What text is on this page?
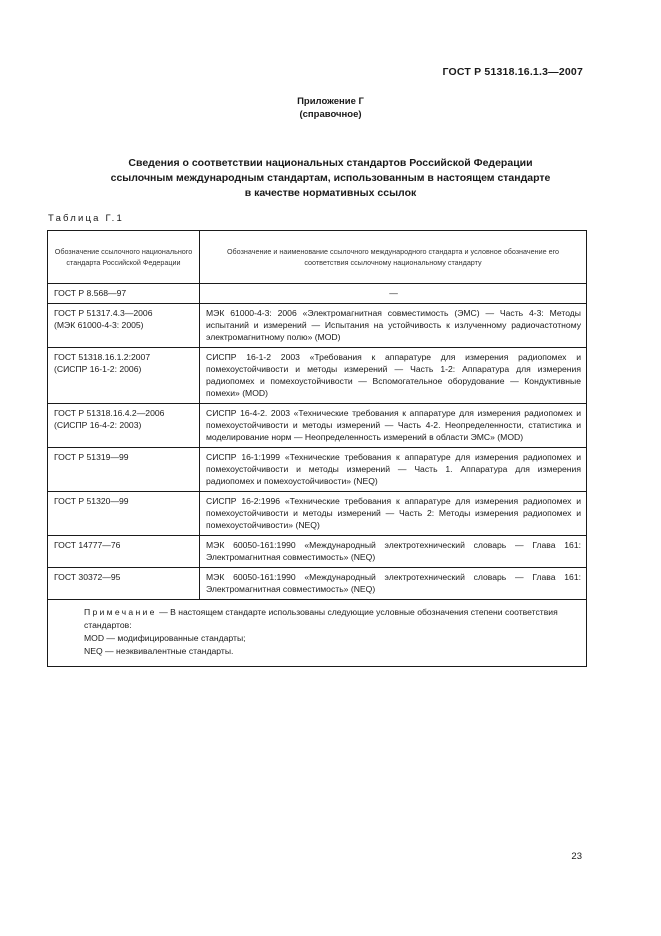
ГОСТ Р 51318.16.1.3—2007
Приложение Г
(справочное)
Сведения о соответствии национальных стандартов Российской Федерации
ссылочным международным стандартам, использованным в настоящем стандарте
в качестве нормативных ссылок
Таблица Г.1
Обозначение ссылочного национального стандарта Российской Федерации	Обозначение и наименование ссылочного международного стандарта и условное обозначение его соответствия ссылочному национальному стандарту

ГОСТ Р 8.568—97	—

ГОСТ Р 51317.4.3—2006
(МЭК 61000-4-3: 2005)	МЭК 61000-4-3: 2006 «Электромагнитная совместимость (ЭМС) — Часть 4-3: Методы испытаний и измерений — Испытания на устойчивость к излученному радиочастотному электромагнитному полю» (MOD)

ГОСТ 51318.16.1.2:2007
(СИСПР 16-1-2: 2006)	СИСПР 16-1-2 2003 «Требования к аппаратуре для измерения радиопомех и помехоустойчивости и методы измерений — Часть 1-2: Аппаратура для измерения радиопомех и помехоустойчивости — Вспомогательное оборудование — Кондуктивные помехи» (MOD)

ГОСТ Р 51318.16.4.2—2006
(СИСПР 16-4-2: 2003)	СИСПР 16-4-2. 2003 «Технические требования к аппаратуре для измерения радиопомех и помехоустойчивости и методы измерений — Часть 4-2. Неопределенности, статистика и моделирование норм — Неопределенность измерений в области ЭМС» (MOD)

ГОСТ Р 51319—99	СИСПР 16-1:1999 «Технические требования к аппаратуре для измерения радиопомех и помехоустойчивости и методы измерений — Часть 1. Аппаратура для измерения радиопомех и помехоустойчивости» (NEQ)

ГОСТ Р 51320—99	СИСПР 16-2:1996 «Технические требования к аппаратуре для измерения радиопомех и помехоустойчивости и методы измерений — Часть 2: Методы измерения радиопомех и помехоустойчивости» (NEQ)

ГОСТ 14777—76	МЭК 60050-161:1990 «Международный электротехнический словарь — Глава 161: Электромагнитная совместимость» (NEQ)

ГОСТ 30372—95	МЭК 60050-161:1990 «Международный электротехнический словарь — Глава 161: Электромагнитная совместимость» (NEQ)

Примечание — В настоящем стандарте использованы следующие условные обозначения степени соответствия стандартов:
MOD — модифицированные стандарты;
NEQ — неэквивалентные стандарты.	
23
